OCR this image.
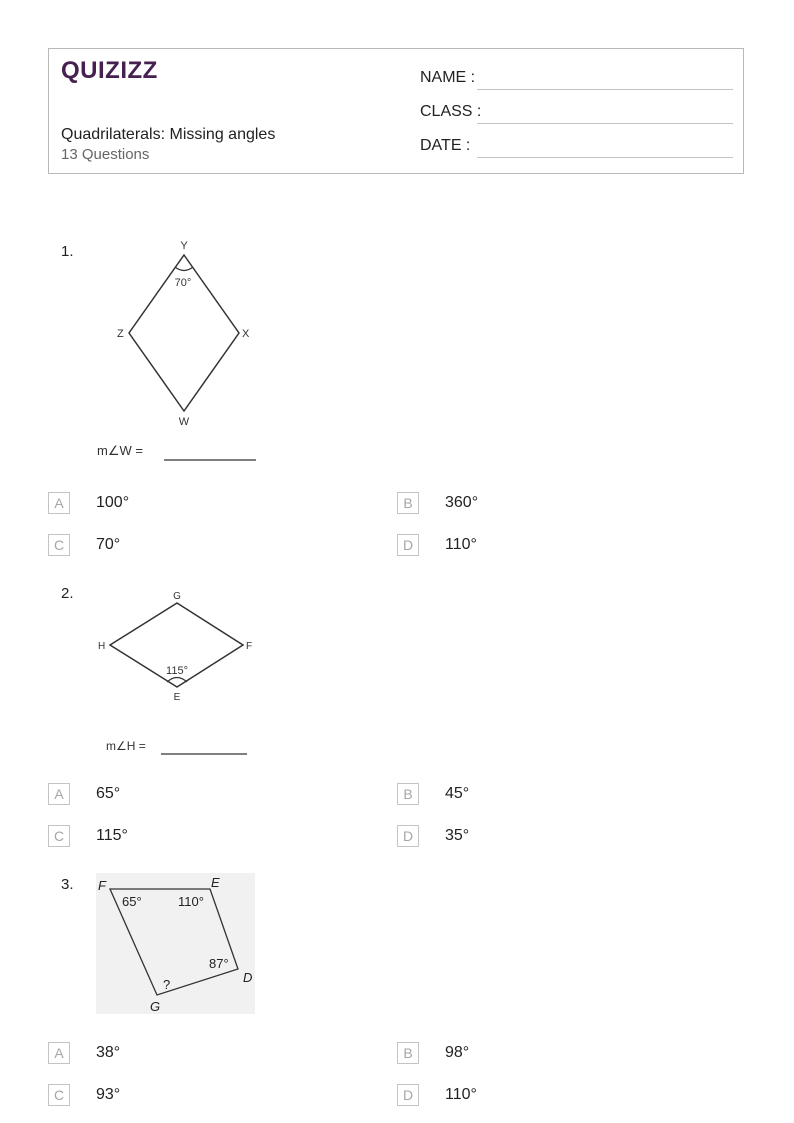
QUIZIZZ
Quadrilaterals: Missing angles
13 Questions
NAME :
CLASS :
DATE :
1.	Y
X
W
Z
70°
m∠W =
A	100°	B	360°
C	70°	D	110°
2.	G
F
E
H
115°
m∠H =
A	65°	B	45°
C	115°	D	35°
3. F	E
D
G
65°	110°
87°
?
A	38°	B	98°
C	93°	D	110°
